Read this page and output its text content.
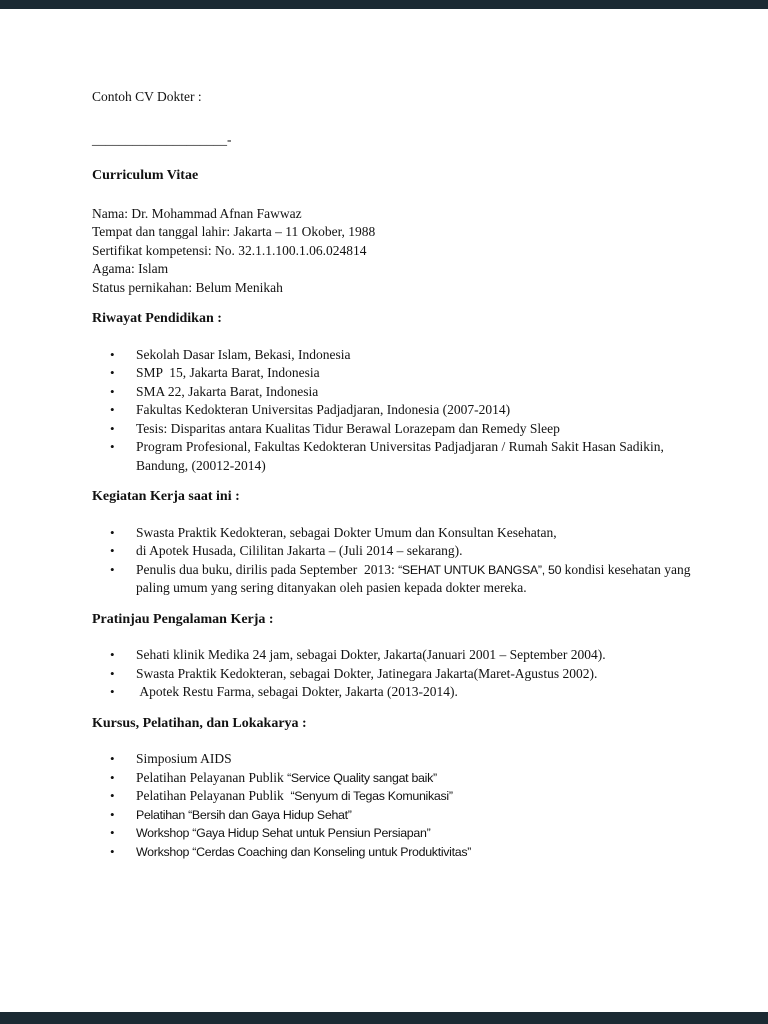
Contoh CV Dokter :

____________________-
Curriculum Vitae
Nama: Dr. Mohammad Afnan Fawwaz
Tempat dan tanggal lahir: Jakarta – 11 Okober, 1988
Sertifikat kompetensi: No. 32.1.1.100.1.06.024814
Agama: Islam
Status pernikahan: Belum Menikah
Riwayat Pendidikan :
• Sekolah Dasar Islam, Bekasi, Indonesia
• SMP  15, Jakarta Barat, Indonesia
• SMA 22, Jakarta Barat, Indonesia
• Fakultas Kedokteran Universitas Padjadjaran, Indonesia (2007-2014)
• Tesis: Disparitas antara Kualitas Tidur Berawal Lorazepam dan Remedy Sleep
• Program Profesional, Fakultas Kedokteran Universitas Padjadjaran / Rumah Sakit Hasan Sadikin, Bandung, (20012-2014)
Kegiatan Kerja saat ini :
• Swasta Praktik Kedokteran, sebagai Dokter Umum dan Konsultan Kesehatan,
• di Apotek Husada, Cililitan Jakarta – (Juli 2014 – sekarang).
• Penulis dua buku, dirilis pada September  2013: “SEHAT UNTUK BANGSA”, 50 kondisi kesehatan yang paling umum yang sering ditanyakan oleh pasien kepada dokter mereka.
Pratinjau Pengalaman Kerja :
• Sehati klinik Medika 24 jam, sebagai Dokter, Jakarta(Januari 2001 – September 2004).
• Swasta Praktik Kedokteran, sebagai Dokter, Jatinegara Jakarta(Maret-Agustus 2002).
• Apotek Restu Farma, sebagai Dokter, Jakarta (2013-2014).
Kursus, Pelatihan, dan Lokakarya :
• Simposium AIDS
• Pelatihan Pelayanan Publik “Service Quality sangat baik”
• Pelatihan Pelayanan Publik  “Senyum di Tegas Komunikasi”
• Pelatihan “Bersih dan Gaya Hidup Sehat”
• Workshop “Gaya Hidup Sehat untuk Pensiun Persiapan”
• Workshop “Cerdas Coaching dan Konseling untuk Produktivitas”
